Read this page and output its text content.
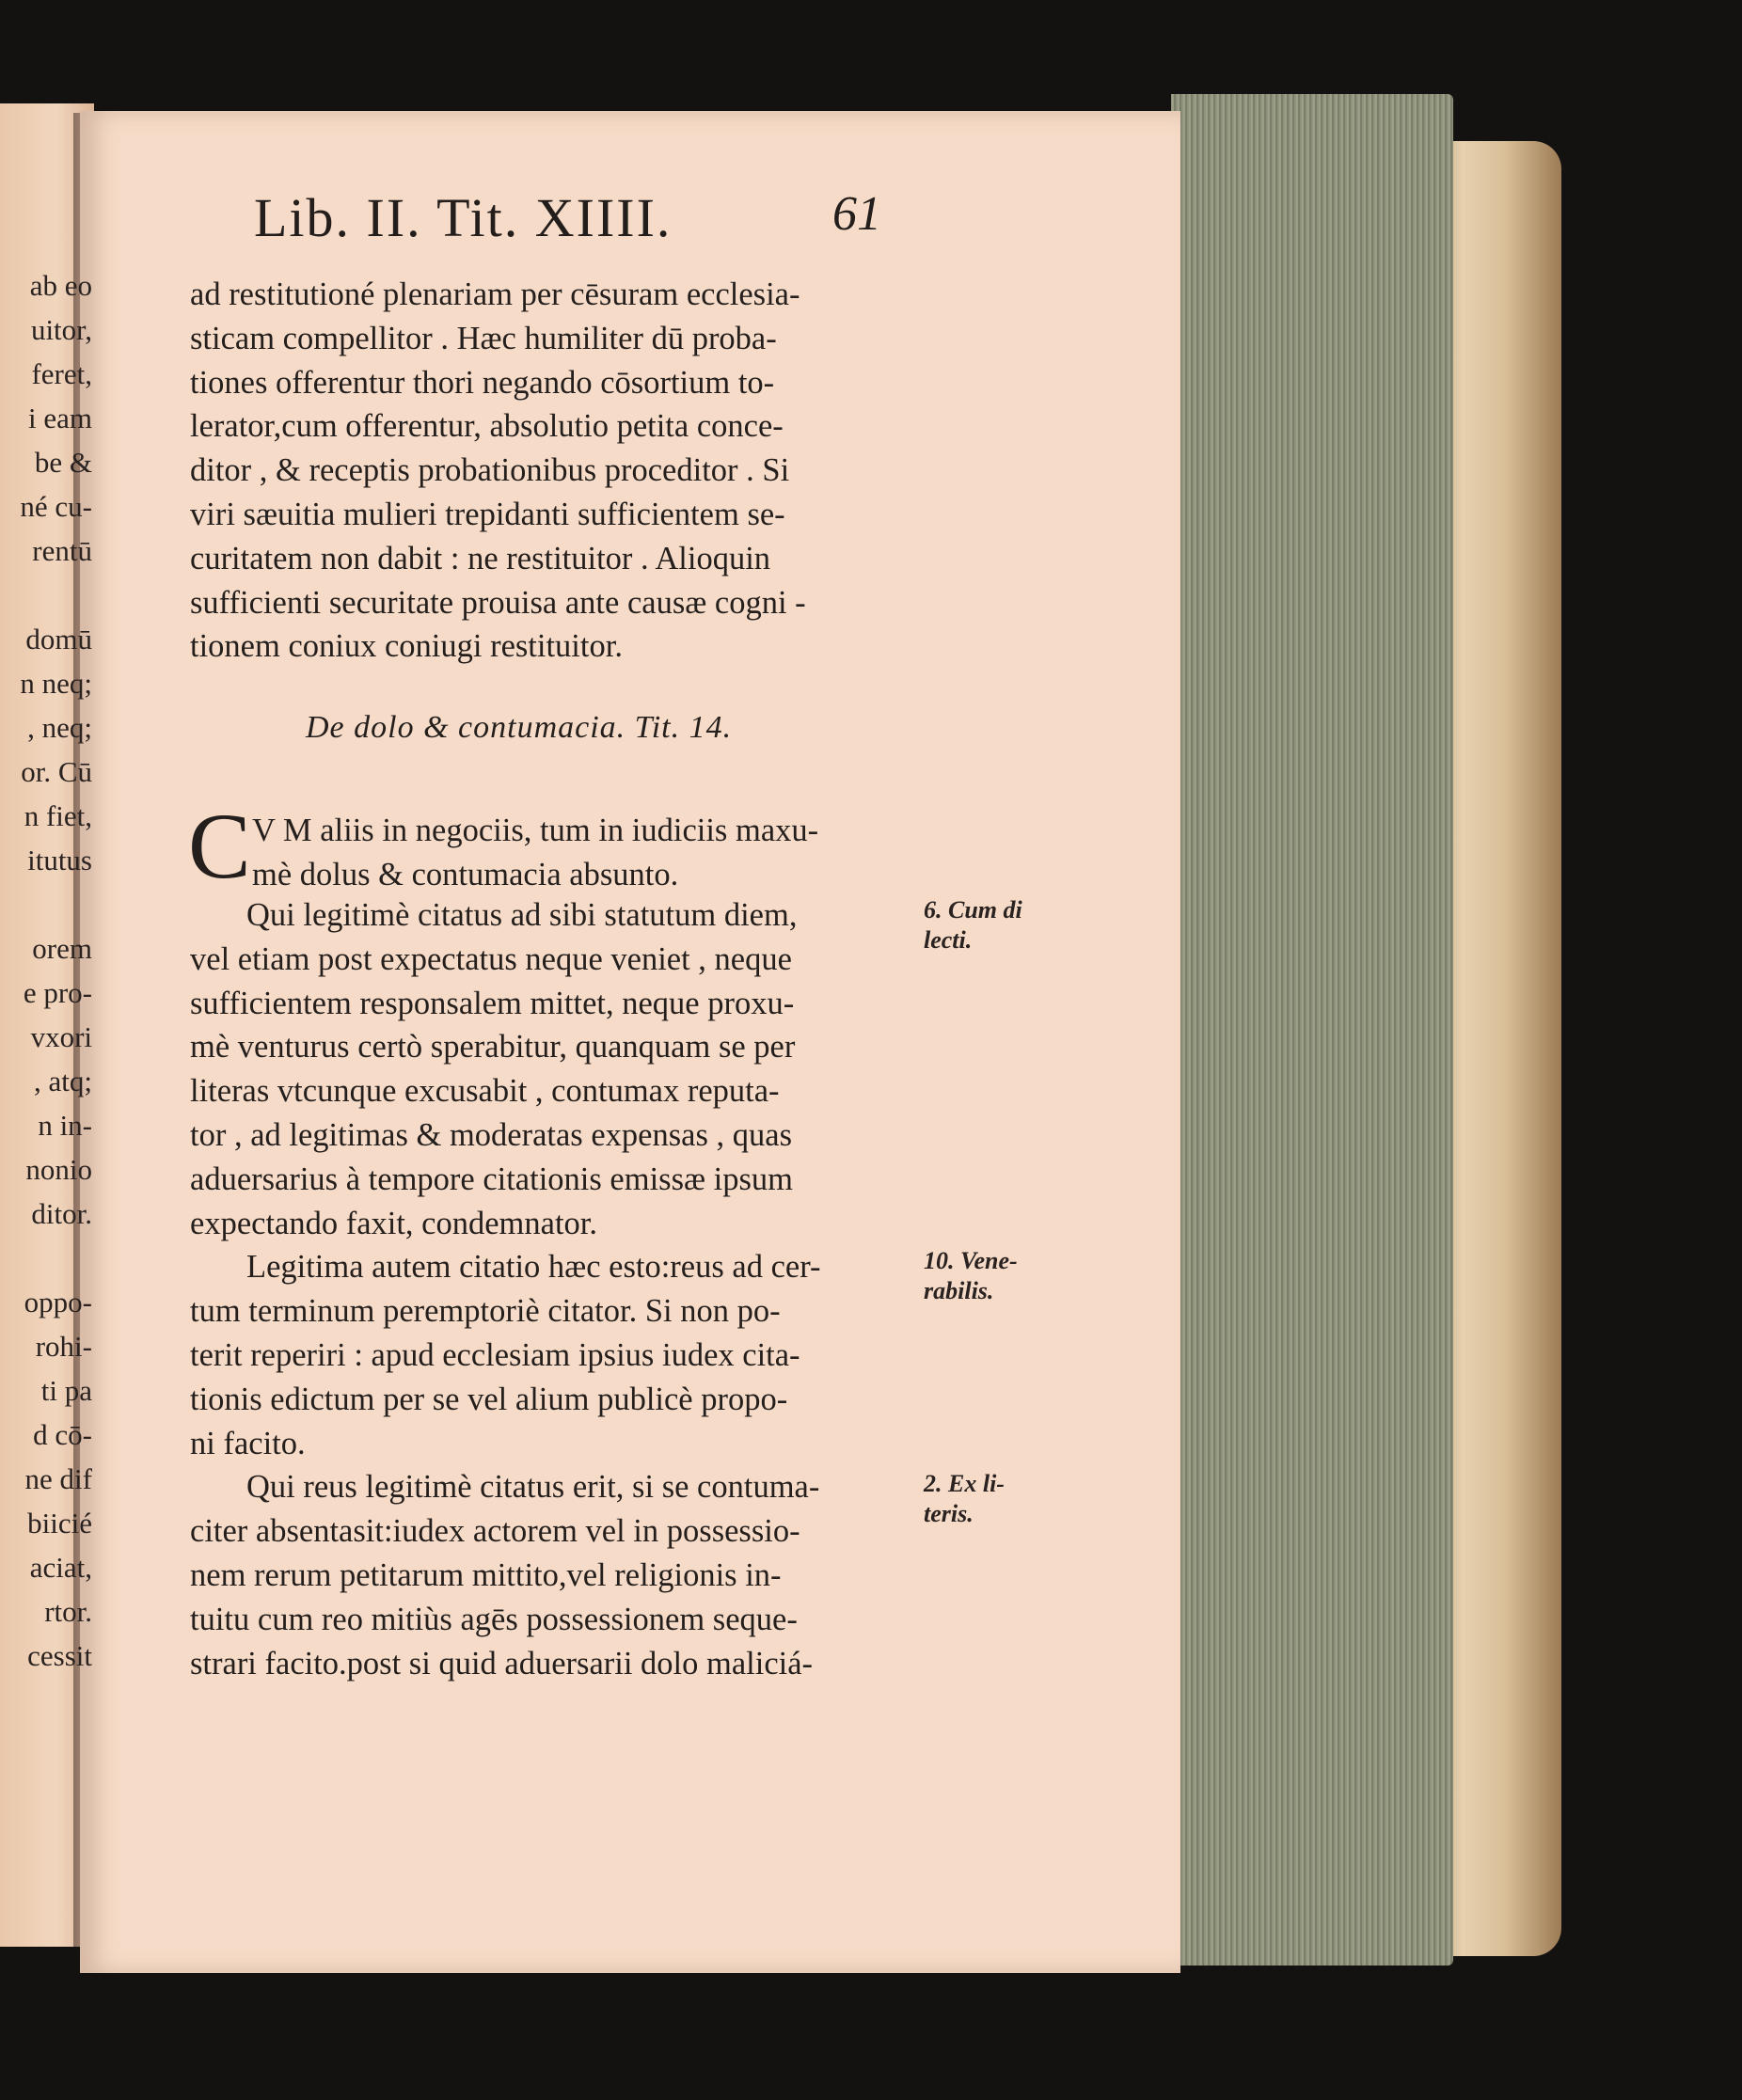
ab eo
uitor,
feret,
i eam
be &
né cu-
rentū
domū
n neq;
, neq;
or. Cū
n fiet,
itutus
orem
e pro-
vxori
, atq;
n in-
nonio
ditor.
oppo-
rohi-
ti pa
d cō-
ne dif
biicié
aciat,
rtor.
cessit
Lib. II. Tit. XIIII.	61
ad restitutioné plenariam per cēsuram ecclesia-
sticam compellitor . Hæc humiliter dū proba-
tiones offerentur thori negando cōsortium to-
lerator,cum offerentur, absolutio petita conce-
ditor , & receptis probationibus proceditor . Si
viri sæuitia mulieri trepidanti sufficientem se-
curitatem non dabit : ne restituitor . Alioquin
sufficienti securitate prouisa ante causæ cogni -
tionem coniux coniugi restituitor.
De dolo & contumacia. Tit. 14.
C V M aliis in negociis, tum in iudiciis maxu-
mè dolus & contumacia absunto.
Qui legitimè citatus ad sibi statutum diem,
vel etiam post expectatus neque veniet , neque
sufficientem responsalem mittet, neque proxu-
mè venturus certò sperabitur, quanquam se per
literas vtcunque excusabit , contumax reputa-
tor , ad legitimas & moderatas expensas , quas
aduersarius à tempore citationis emissæ ipsum
expectando faxit, condemnator.
Legitima autem citatio hæc esto:reus ad cer-
tum terminum peremptoriè citator. Si non po-
terit reperiri : apud ecclesiam ipsius iudex cita-
tionis edictum per se vel alium publicè propo-
ni facito.
Qui reus legitimè citatus erit, si se contuma-
citer absentasit:iudex actorem vel in possessio-
nem rerum petitarum mittito,vel religionis in-
tuitu cum reo mitiùs agēs possessionem seque-
strari facito.post si quid aduersarii dolo maliciá-
6. Cum di
lecti.
10. Vene-
rabilis.
2. Ex li-
teris.
